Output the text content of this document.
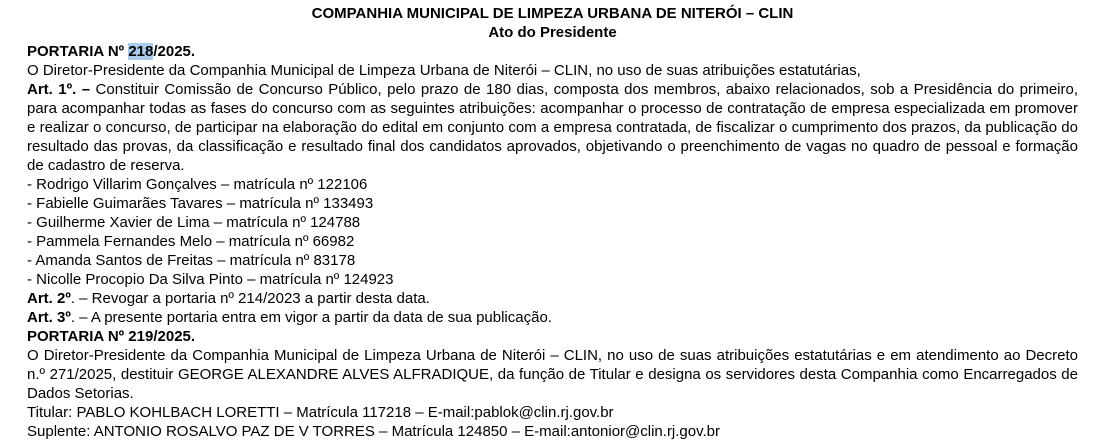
COMPANHIA MUNICIPAL DE LIMPEZA URBANA DE NITERÓI – CLIN
Ato do Presidente
PORTARIA Nº 218/2025.

O Diretor-Presidente da Companhia Municipal de Limpeza Urbana de Niterói – CLIN, no uso de suas atribuições estatutárias,

Art. 1º. – Constituir Comissão de Concurso Público, pelo prazo de 180 dias, composta dos membros, abaixo relacionados, sob a Presidência do primeiro, para acompanhar todas as fases do concurso com as seguintes atribuições: acompanhar o processo de contratação de empresa especializada em promover e realizar o concurso, de participar na elaboração do edital em conjunto com a empresa contratada, de fiscalizar o cumprimento dos prazos, da publicação do resultado das provas, da classificação e resultado final dos candidatos aprovados, objetivando o preenchimento de vagas no quadro de pessoal e formação de cadastro de reserva.

- Rodrigo Villarim Gonçalves – matrícula nº 122106
- Fabielle Guimarães Tavares – matrícula nº 133493
- Guilherme Xavier de Lima – matrícula nº 124788
- Pammela Fernandes Melo – matrícula nº 66982
- Amanda Santos de Freitas – matrícula nº 83178
- Nicolle Procopio Da Silva Pinto – matrícula nº 124923

Art. 2º. – Revogar a portaria nº 214/2023 a partir desta data.

Art. 3º. – A presente portaria entra em vigor a partir da data de sua publicação.

PORTARIA Nº 219/2025.

O Diretor-Presidente da Companhia Municipal de Limpeza Urbana de Niterói – CLIN, no uso de suas atribuições estatutárias e em atendimento ao Decreto n.º 271/2025, destituir GEORGE ALEXANDRE ALVES ALFRADIQUE, da função de Titular e designa os servidores desta Companhia como Encarregados de Dados Setorias.

Titular: PABLO KOHLBACH LORETTI – Matrícula 117218 – E-mail:pablok@clin.rj.gov.br
Suplente: ANTONIO ROSALVO PAZ DE V TORRES – Matrícula 124850 – E-mail:antonior@clin.rj.gov.br
